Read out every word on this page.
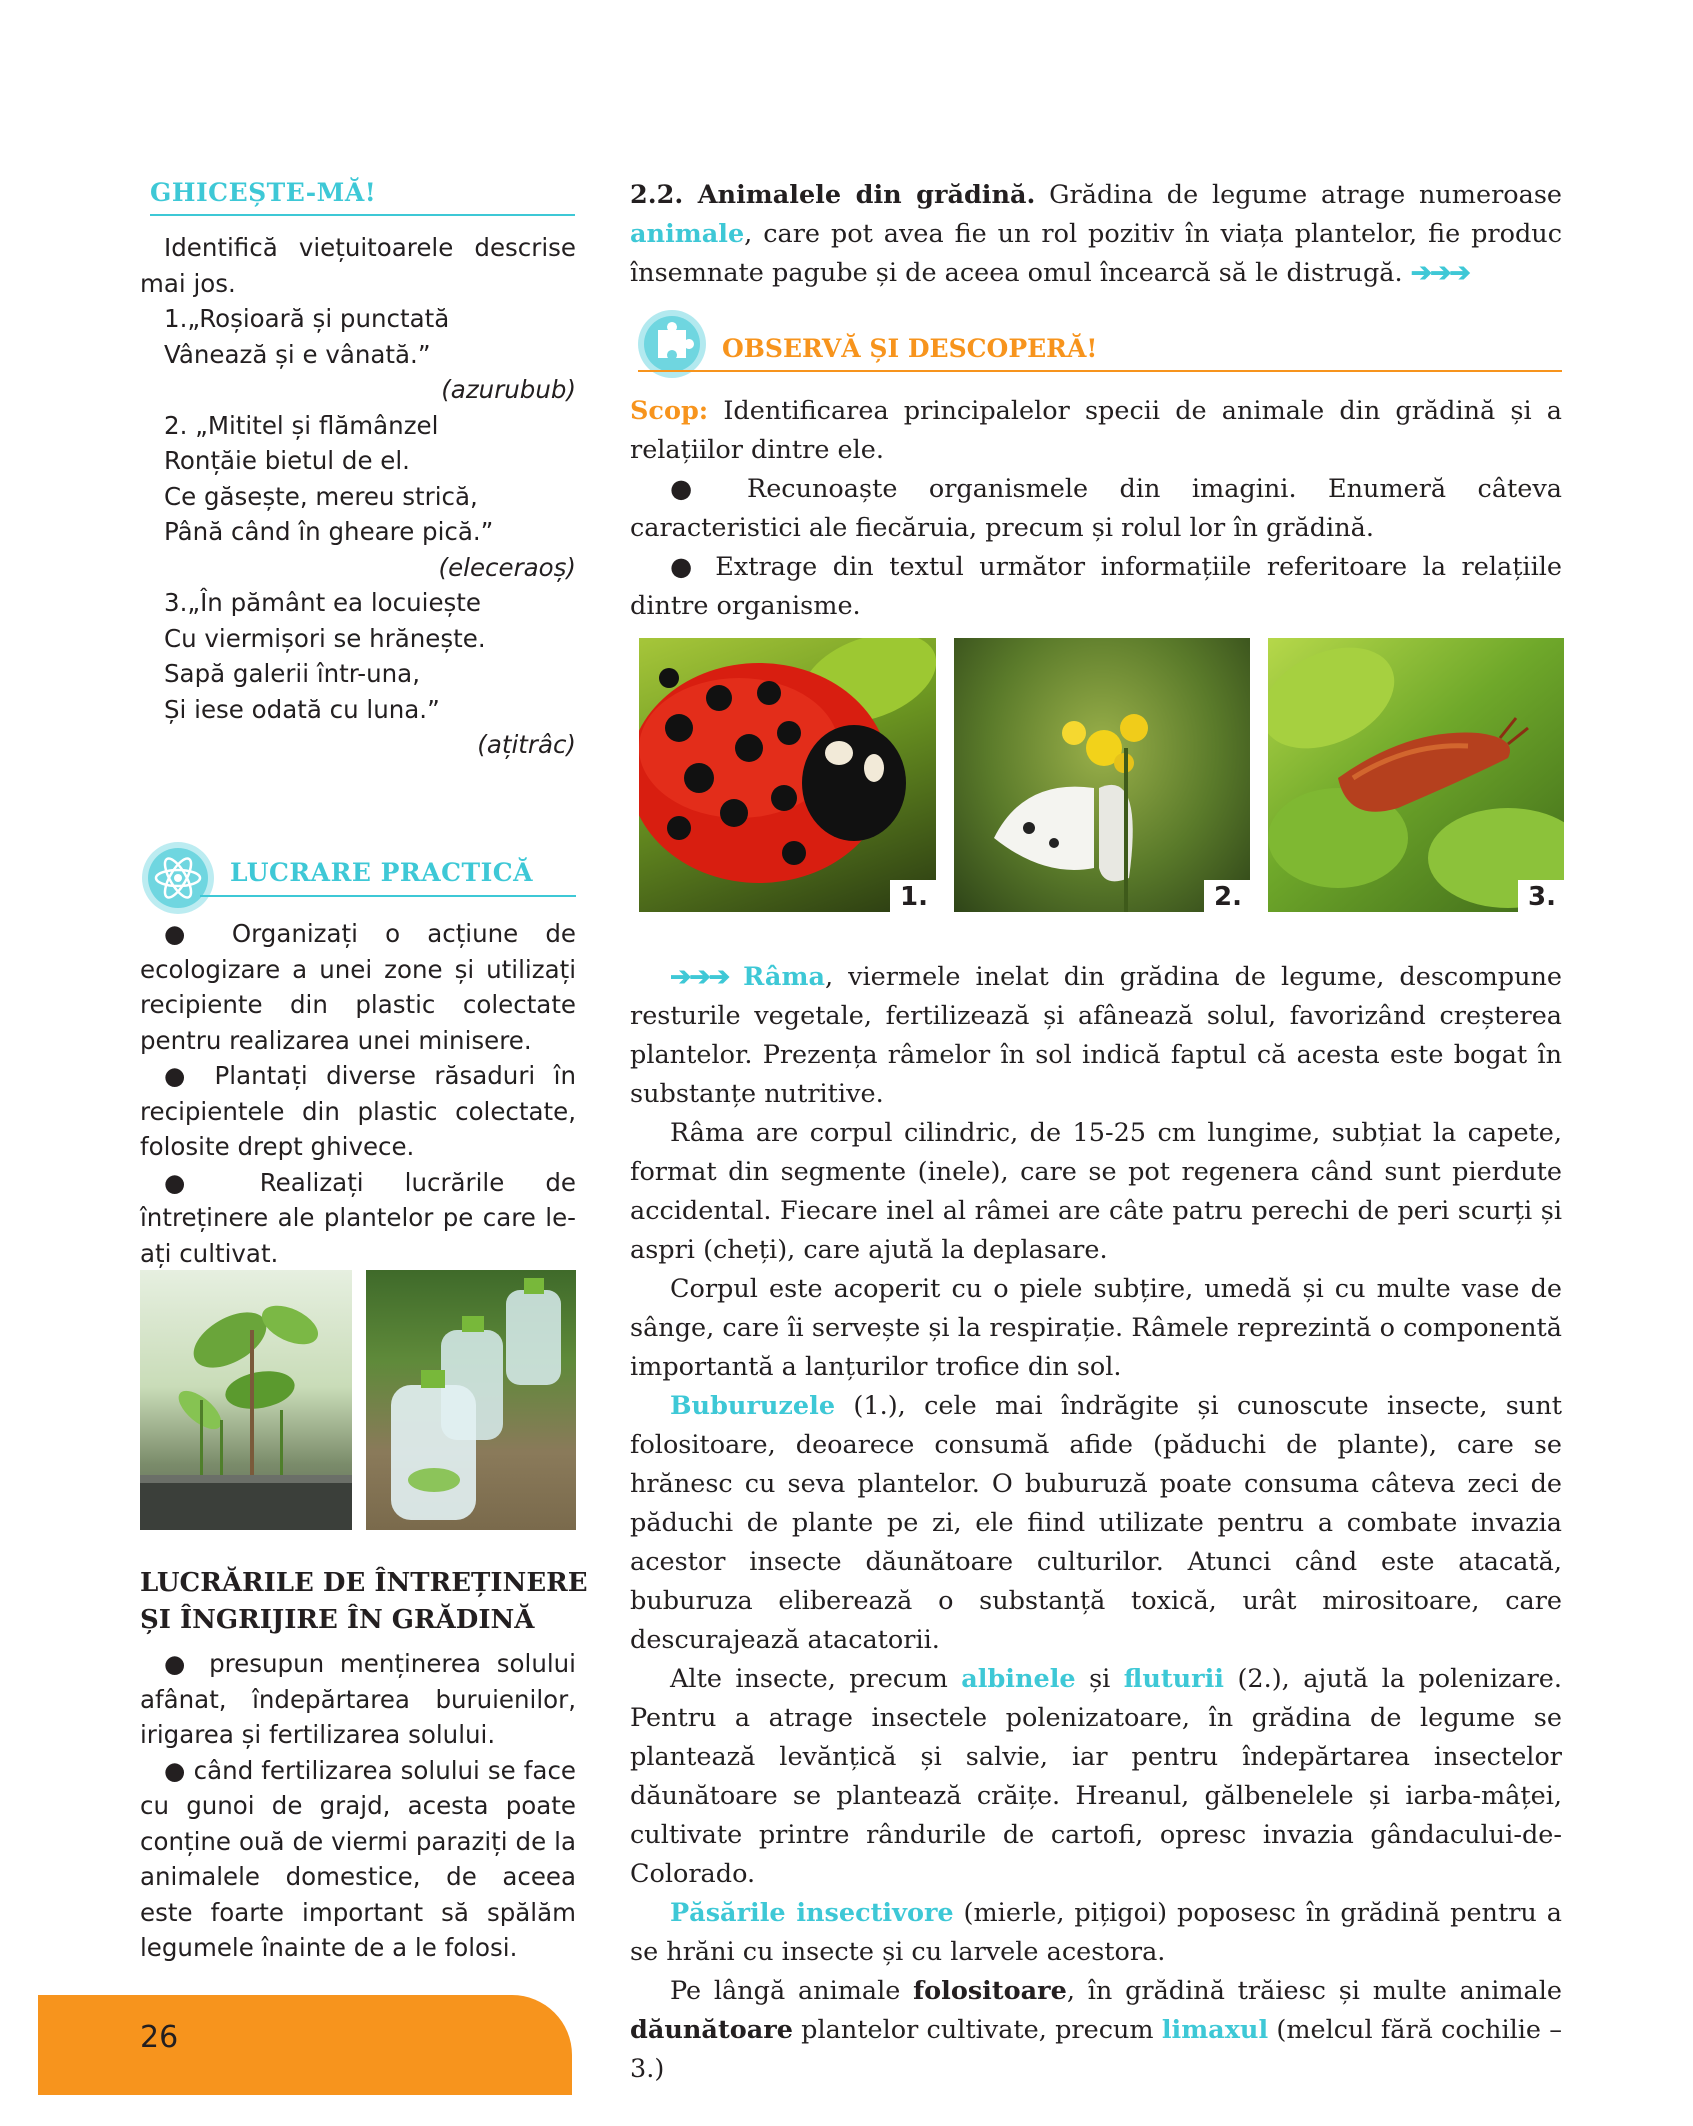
GHICEȘTE-MĂ!

Identifică viețuitoarele descrise mai jos.

1.„Roșioară și punctată

Vânează și e vânată.”

(azurubub)

2. „Mititel și flămânzel

Ronțăie bietul de el.

Ce găsește, mereu strică,

Până când în gheare pică.”

(eleceraoș)

3.„În pământ ea locuiește

Cu viermișori se hrănește.

Sapă galerii într-una,

Și iese odată cu luna.”

(ațitrâc)

LUCRARE PRACTICĂ

● Organizați o acțiune de ecologizare a unei zone și utilizați recipiente din plastic colectate pentru realizarea unei minisere.

● Plantați diverse răsaduri în recipientele din plastic colectate, folosite drept ghivece.

● Realizați lucrările de întreținere ale plantelor pe care le-ați cultivat.

LUCRĂRILE DE ÎNTREȚINERE
ȘI ÎNGRIJIRE ÎN GRĂDINĂ

● presupun menținerea solului afânat, îndepărtarea buruienilor, irigarea și fertilizarea solului.

● când fertilizarea solului se face cu gunoi de grajd, acesta poate conține ouă de viermi paraziți de la animalele domestice, de aceea este foarte important să spălăm legumele înainte de a le folosi.

26

2.2. Animalele din grădină. Grădina de legume atrage numeroase animale, care pot avea fie un rol pozitiv în viața plantelor, fie produc însemnate pagube și de aceea omul încearcă să le distrugă. ➔➔➔

OBSERVĂ ȘI DESCOPERĂ!

Scop: Identificarea principalelor specii de animale din grădină și a relațiilor dintre ele.

● Recunoaște organismele din imagini. Enumeră câteva caracteristici ale fiecăruia, precum și rolul lor în grădină.

● Extrage din textul următor informațiile referitoare la relațiile dintre organisme.

1.	2.	3.

➔➔➔ Râma, viermele inelat din grădina de legume, descompune resturile vegetale, fertilizează și afânează solul, favorizând creșterea plantelor. Prezența râmelor în sol indică faptul că acesta este bogat în substanțe nutritive.

Râma are corpul cilindric, de 15-25 cm lungime, subțiat la capete, format din segmente (inele), care se pot regenera când sunt pierdute accidental. Fiecare inel al râmei are câte patru perechi de peri scurți și aspri (cheți), care ajută la deplasare.

Corpul este acoperit cu o piele subțire, umedă și cu multe vase de sânge, care îi servește și la respirație. Râmele reprezintă o componentă importantă a lanțurilor trofice din sol.

Buburuzele (1.), cele mai îndrăgite și cunoscute insecte, sunt folositoare, deoarece consumă afide (păduchi de plante), care se hrănesc cu seva plantelor. O buburuză poate consuma câteva zeci de păduchi de plante pe zi, ele fiind utilizate pentru a combate invazia acestor insecte dăunătoare culturilor. Atunci când este atacată, buburuza eliberează o substanță toxică, urât mirositoare, care descurajează atacatorii.

Alte insecte, precum albinele și fluturii (2.), ajută la polenizare. Pentru a atrage insectele polenizatoare, în grădina de legume se plantează levănțică și salvie, iar pentru îndepărtarea insectelor dăunătoare se plantează crăițe. Hreanul, gălbenelele și iarba-mâței, cultivate printre rândurile de cartofi, opresc invazia gândacului-de-Colorado.

Păsările insectivore (mierle, pițigoi) poposesc în grădină pentru a se hrăni cu insecte și cu larvele acestora.

Pe lângă animale folositoare, în grădină trăiesc și multe animale dăunătoare plantelor cultivate, precum limaxul (melcul fără cochilie – 3.)
